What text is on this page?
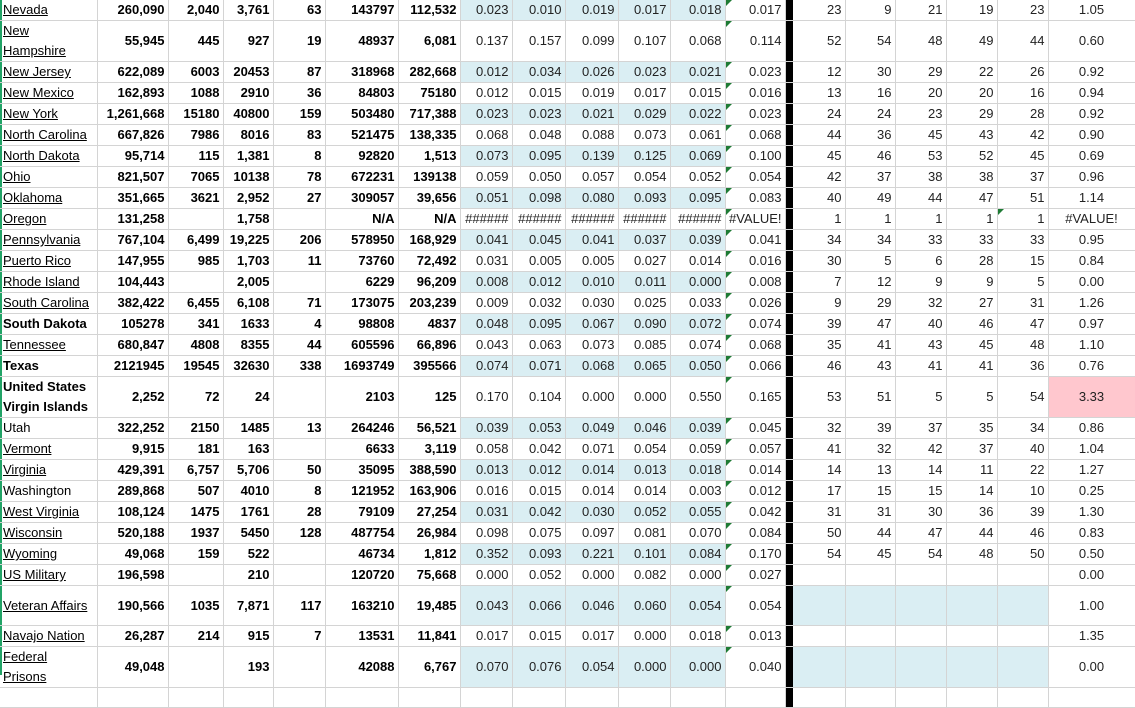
Nevada	260,090	2,040	3,761	63	143797	112,532	0.023	0.010	0.019	0.017	0.018	0.017		23	9	21	19	23	1.05
New Hampshire	55,945	445	927	19	48937	6,081	0.137	0.157	0.099	0.107	0.068	0.114		52	54	48	49	44	0.60
New Jersey	622,089	6003	20453	87	318968	282,668	0.012	0.034	0.026	0.023	0.021	0.023		12	30	29	22	26	0.92
New Mexico	162,893	1088	2910	36	84803	75180	0.012	0.015	0.019	0.017	0.015	0.016		13	16	20	20	16	0.94
New York	1,261,668	15180	40800	159	503480	717,388	0.023	0.023	0.021	0.029	0.022	0.023		24	24	23	29	28	0.92
North Carolina	667,826	7986	8016	83	521475	138,335	0.068	0.048	0.088	0.073	0.061	0.068		44	36	45	43	42	0.90
North Dakota	95,714	115	1,381	8	92820	1,513	0.073	0.095	0.139	0.125	0.069	0.100		45	46	53	52	45	0.69
Ohio	821,507	7065	10138	78	672231	139138	0.059	0.050	0.057	0.054	0.052	0.054		42	37	38	38	37	0.96
Oklahoma	351,665	3621	2,952	27	309057	39,656	0.051	0.098	0.080	0.093	0.095	0.083		40	49	44	47	51	1.14
Oregon	131,258		1,758		N/A	N/A	######	######	######	######	######	#VALUE!		1	1	1	1	1	#VALUE!
Pennsylvania	767,104	6,499	19,225	206	578950	168,929	0.041	0.045	0.041	0.037	0.039	0.041		34	34	33	33	33	0.95
Puerto Rico	147,955	985	1,703	11	73760	72,492	0.031	0.005	0.005	0.027	0.014	0.016		30	5	6	28	15	0.84
Rhode Island	104,443		2,005		6229	96,209	0.008	0.012	0.010	0.011	0.000	0.008		7	12	9	9	5	0.00
South Carolina	382,422	6,455	6,108	71	173075	203,239	0.009	0.032	0.030	0.025	0.033	0.026		9	29	32	27	31	1.26
South Dakota	105278	341	1633	4	98808	4837	0.048	0.095	0.067	0.090	0.072	0.074		39	47	40	46	47	0.97
Tennessee	680,847	4808	8355	44	605596	66,896	0.043	0.063	0.073	0.085	0.074	0.068		35	41	43	45	48	1.10
Texas	2121945	19545	32630	338	1693749	395566	0.074	0.071	0.068	0.065	0.050	0.066		46	43	41	41	36	0.76
United States Virgin Islands	2,252	72	24		2103	125	0.170	0.104	0.000	0.000	0.550	0.165		53	51	5	5	54	3.33
Utah	322,252	2150	1485	13	264246	56,521	0.039	0.053	0.049	0.046	0.039	0.045		32	39	37	35	34	0.86
Vermont	9,915	181	163		6633	3,119	0.058	0.042	0.071	0.054	0.059	0.057		41	32	42	37	40	1.04
Virginia	429,391	6,757	5,706	50	35095	388,590	0.013	0.012	0.014	0.013	0.018	0.014		14	13	14	11	22	1.27
Washington	289,868	507	4010	8	121952	163,906	0.016	0.015	0.014	0.014	0.003	0.012		17	15	15	14	10	0.25
West Virginia	108,124	1475	1761	28	79109	27,254	0.031	0.042	0.030	0.052	0.055	0.042		31	31	30	36	39	1.30
Wisconsin	520,188	1937	5450	128	487754	26,984	0.098	0.075	0.097	0.081	0.070	0.084		50	44	47	44	46	0.83
Wyoming	49,068	159	522		46734	1,812	0.352	0.093	0.221	0.101	0.084	0.170		54	45	54	48	50	0.50
US Military	196,598		210		120720	75,668	0.000	0.052	0.000	0.082	0.000	0.027							0.00
Veteran Affairs	190,566	1035	7,871	117	163210	19,485	0.043	0.066	0.046	0.060	0.054	0.054							1.00
Navajo Nation	26,287	214	915	7	13531	11,841	0.017	0.015	0.017	0.000	0.018	0.013							1.35
Federal Prisons	49,048		193		42088	6,767	0.070	0.076	0.054	0.000	0.000	0.040							0.00
